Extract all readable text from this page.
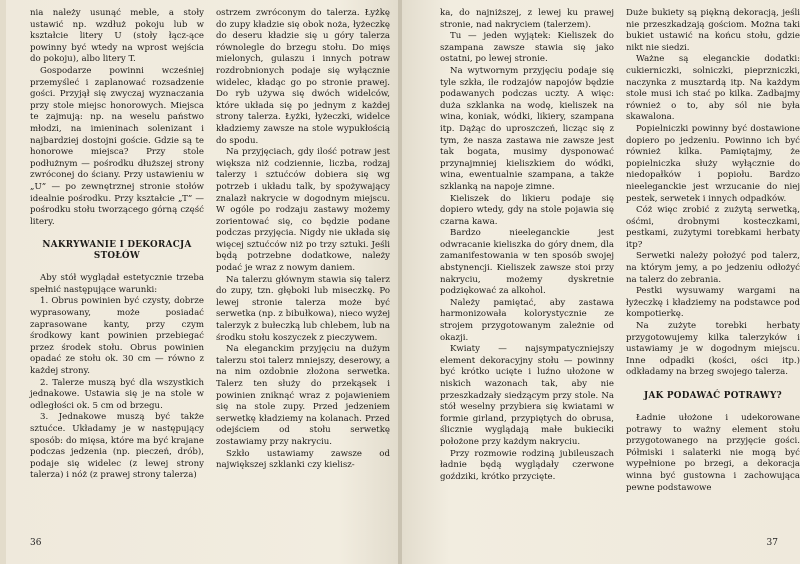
nia należy usunąć meble, a stoły ustawić np. wzdłuż pokoju lub w kształcie litery U (stoły łącz-ące powinny być wtedy na wprost wejścia do pokoju), albo litery T.

Gospodarze powinni wcześniej przemyśleć i zaplanować rozsadzenie gości. Przyjął się zwyczaj wyznaczania przy stole miejsc honorowych. Miejsca te zajmują: np. na weselu państwo młodzi, na imieninach solenizant i najbardziej dostojni goście. Gdzie są te honorowe miejsca? Przy stole podłużnym — pośrodku dłuższej strony zwróconej do ściany. Przy ustawieniu w „U” — po zewnętrznej stronie stołów idealnie pośrodku. Przy kształcie „T” — pośrodku stołu tworzącego górną część litery.

NAKRYWANIE I DEKORACJA STOŁÓW

Aby stół wyglądał estetycznie trzeba spełnić następujące warunki:

1. Obrus powinien być czysty, dobrze wyprasowany, może posiadać zaprasowane kanty, przy czym środkowy kant powinien przebiegać przez środek stołu. Obrus powinien opadać ze stołu ok. 30 cm — równo z każdej strony.

2. Talerze muszą być dla wszystkich jednakowe. Ustawia się je na stole w odległości ok. 5 cm od brzegu.

3. Jednakowe muszą być także sztućce. Układamy je w następujący sposób: do mięsa, które ma być krajane podczas jedzenia (np. pieczeń, drób), podaje się widelec (z lewej strony talerza) i nóż (z prawej strony talerza)

ostrzem zwróconym do talerza. Łyżkę do zupy kładzie się obok noża, łyżeczkę do deseru kładzie się u góry talerza równolegle do brzegu stołu. Do mięs mielonych, gulaszu i innych potraw rozdrobnionych podaje się wyłącznie widelec, kładąc go po stronie prawej. Do ryb używa się dwóch widelców, które układa się po jednym z każdej strony talerza. Łyżki, łyżeczki, widelce kładziemy zawsze na stole wypukłością do spodu.

Na przyjęciach, gdy ilość potraw jest większa niż codziennie, liczba, rodzaj talerzy i sztućców dobiera się wg potrzeb i układu talk, by spożywający znalazł nakrycie w dogodnym miejscu. W ogóle po rodzaju zastawy możemy zorientować się, co będzie podane podczas przyjęcia. Nigdy nie układa się więcej sztućców niż po trzy sztuki. Jeśli będą potrzebne dodatkowe, należy podać je wraz z nowym daniem.

Na talerzu głównym stawia się talerz do zupy, tzn. głęboki lub miseczkę. Po lewej stronie talerza może być serwetka (np. z bibułkowa), nieco wyżej talerzyk z bułeczką lub chlebem, lub na środku stołu koszyczek z pieczywem.

Na eleganckim przyjęciu na dużym talerzu stoi talerz mniejszy, deserowy, a na nim ozdobnie złożona serwetka. Talerz ten służy do przekąsek i powinien zniknąć wraz z pojawieniem się na stole zupy. Przed jedzeniem serwetkę kładziemy na kolanach. Przed odejściem od stołu serwetkę zostawiamy przy nakryciu.

Szkło ustawiamy zawsze od największej szklanki czy kielisz-

36

ka, do najniższej, z lewej ku prawej stronie, nad nakryciem (talerzem).

Tu — jeden wyjątek: Kieliszek do szampana zawsze stawia się jako ostatni, po lewej stronie.

Na wytwornym przyjęciu podaje się tyle szkła, ile rodzajów napojów będzie podawanych podczas uczty. A więc: duża szklanka na wodę, kieliszek na wina, koniak, wódki, likiery, szampana itp. Dążąc do uproszczeń, licząc się z tym, że nasza zastawa nie zawsze jest tak bogata, musimy dysponować przynajmniej kieliszkiem do wódki, wina, ewentualnie szampana, a także szklanką na napoje zimne.

Kieliszek do likieru podaje się dopiero wtedy, gdy na stole pojawia się czarna kawa.

Bardzo nieeleganckie jest odwracanie kieliszka do góry dnem, dla zamanifestowania w ten sposób swojej abstynencji. Kieliszek zawsze stoi przy nakryciu, możemy dyskretnie podziękować za alkohol.

Należy pamiętać, aby zastawa harmonizowała kolorystycznie ze strojem przygotowanym zależnie od okazji.

Kwiaty — najsympatyczniejszy element dekoracyjny stołu — powinny być krótko ucięte i luźno ułożone w niskich wazonach tak, aby nie przeszkadzały siedzącym przy stole. Na stół weselny przybiera się kwiatami w formie girland, przypiętych do obrusa, ślicznie wyglądają małe bukieciki położone przy każdym nakryciu.

Przy rozmowie rodziną jubileuszach ładnie będą wyglądały czerwone goździki, krótko przycięte.

Duże bukiety są piękną dekoracją, jeśli nie przeszkadzają gościom. Można taki bukiet ustawić na końcu stołu, gdzie nikt nie siedzi.

Ważne są eleganckie dodatki: cukierniczki, solniczki, pieprzniczki, naczynka z musztardą itp. Na każdym stole musi ich stać po kilka. Zadbajmy również o to, aby sól nie była skawalona.

Popielniczki powinny być dostawione dopiero po jedzeniu. Powinno ich być również kilka. Pamiętajmy, że popielniczka służy wyłącznie do niedopałków i popiołu. Bardzo nieeleganckie jest wrzucanie do niej pestek, serwetek i innych odpadków.

Cóż więc zrobić z zużytą serwetką, ośćmi, drobnymi kosteczkami, pestkami, zużytymi torebkami herbaty itp?

Serwetki należy położyć pod talerz, na którym jemy, a po jedzeniu odłożyć na talerz do zebrania.

Pestki wysuwamy wargami na łyżeczkę i kładziemy na podstawce pod kompotierkę.

Na zużyte torebki herbaty przygotowujemy kilka talerzyków i ustawiamy je w dogodnym miejscu. Inne odpadki (kości, ości itp.) odkładamy na brzeg swojego talerza.

JAK PODAWAĆ POTRAWY?

Ładnie ułożone i udekorowane potrawy to ważny element stołu przygotowanego na przyjęcie gości. Półmiski i salaterki nie mogą być wypełnione po brzegi, a dekoracja winna być gustowna i zachowująca pewne podstawowe

37
